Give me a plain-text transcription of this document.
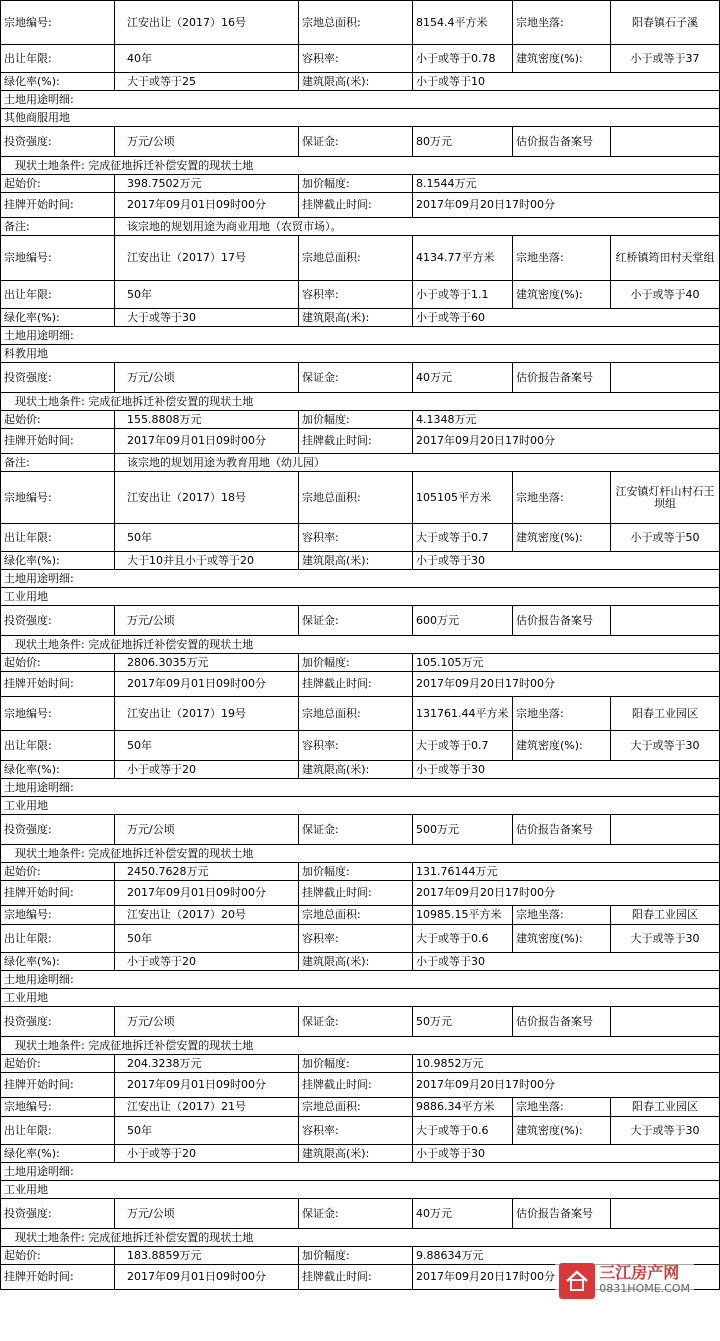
宗地编号:	江安出让（2017）16号	宗地总面积:	8154.4平方米	宗地坐落:	阳春镇石子溪
出让年限:	40年	容积率:	小于或等于0.78	建筑密度(%):	小于或等于37
绿化率(%):	大于或等于25	建筑限高(米):	小于或等于10
土地用途明细:
其他商服用地
投资强度:	万元/公顷	保证金:	80万元	估价报告备案号
现状土地条件: 完成征地拆迁补偿安置的现状土地
起始价:	398.7502万元	加价幅度:	8.1544万元
挂牌开始时间:	2017年09月01日09时00分	挂牌截止时间:	2017年09月20日17时00分
备注:	该宗地的规划用途为商业用地（农贸市场）。
宗地编号:	江安出让（2017）17号	宗地总面积:	4134.77平方米	宗地坐落:	红桥镇筠田村天堂组
出让年限:	50年	容积率:	小于或等于1.1	建筑密度(%):	小于或等于40
绿化率(%):	大于或等于30	建筑限高(米):	小于或等于60
土地用途明细:
科教用地
投资强度:	万元/公顷	保证金:	40万元	估价报告备案号
现状土地条件: 完成征地拆迁补偿安置的现状土地
起始价:	155.8808万元	加价幅度:	4.1348万元
挂牌开始时间:	2017年09月01日09时00分	挂牌截止时间:	2017年09月20日17时00分
备注:	该宗地的规划用途为教育用地（幼儿园）
宗地编号:	江安出让（2017）18号	宗地总面积:	105105平方米	宗地坐落:	江安镇灯杆山村石王坝组
出让年限:	50年	容积率:	大于或等于0.7	建筑密度(%):	小于或等于50
绿化率(%):	大于10并且小于或等于20	建筑限高(米):	小于或等于30
土地用途明细:
工业用地
投资强度:	万元/公顷	保证金:	600万元	估价报告备案号
现状土地条件: 完成征地拆迁补偿安置的现状土地
起始价:	2806.3035万元	加价幅度:	105.105万元
挂牌开始时间:	2017年09月01日09时00分	挂牌截止时间:	2017年09月20日17时00分
宗地编号:	江安出让（2017）19号	宗地总面积:	131761.44平方米 宗地坐落:	阳春工业园区
出让年限:	50年	容积率:	大于或等于0.7	建筑密度(%):	大于或等于30
绿化率(%):	小于或等于20	建筑限高(米):	小于或等于30
土地用途明细:
工业用地
投资强度:	万元/公顷	保证金:	500万元	估价报告备案号
现状土地条件: 完成征地拆迁补偿安置的现状土地
起始价:	2450.7628万元	加价幅度:	131.76144万元
挂牌开始时间:	2017年09月01日09时00分	挂牌截止时间:	2017年09月20日17时00分
宗地编号:	江安出让（2017）20号	宗地总面积:	10985.15平方米	宗地坐落:	阳春工业园区
出让年限:	50年	容积率:	大于或等于0.6	建筑密度(%):	大于或等于30
绿化率(%):	小于或等于20	建筑限高(米):	小于或等于30
土地用途明细:
工业用地
投资强度:	万元/公顷	保证金:	50万元	估价报告备案号
现状土地条件: 完成征地拆迁补偿安置的现状土地
起始价:	204.3238万元	加价幅度:	10.9852万元
挂牌开始时间:	2017年09月01日09时00分	挂牌截止时间:	2017年09月20日17时00分
宗地编号:	江安出让（2017）21号	宗地总面积:	9886.34平方米	宗地坐落:	阳春工业园区
出让年限:	50年	容积率:	大于或等于0.6	建筑密度(%):	大于或等于30
绿化率(%):	小于或等于20	建筑限高(米):	小于或等于30
土地用途明细:
工业用地
投资强度:	万元/公顷	保证金:	40万元	估价报告备案号
现状土地条件: 完成征地拆迁补偿安置的现状土地
起始价:	183.8859万元	加价幅度:	9.88634万元
挂牌开始时间:	2017年09月01日09时00分	挂牌截止时间:	2017年09月20日17时00分	三江房产网
0831HOME.COM
